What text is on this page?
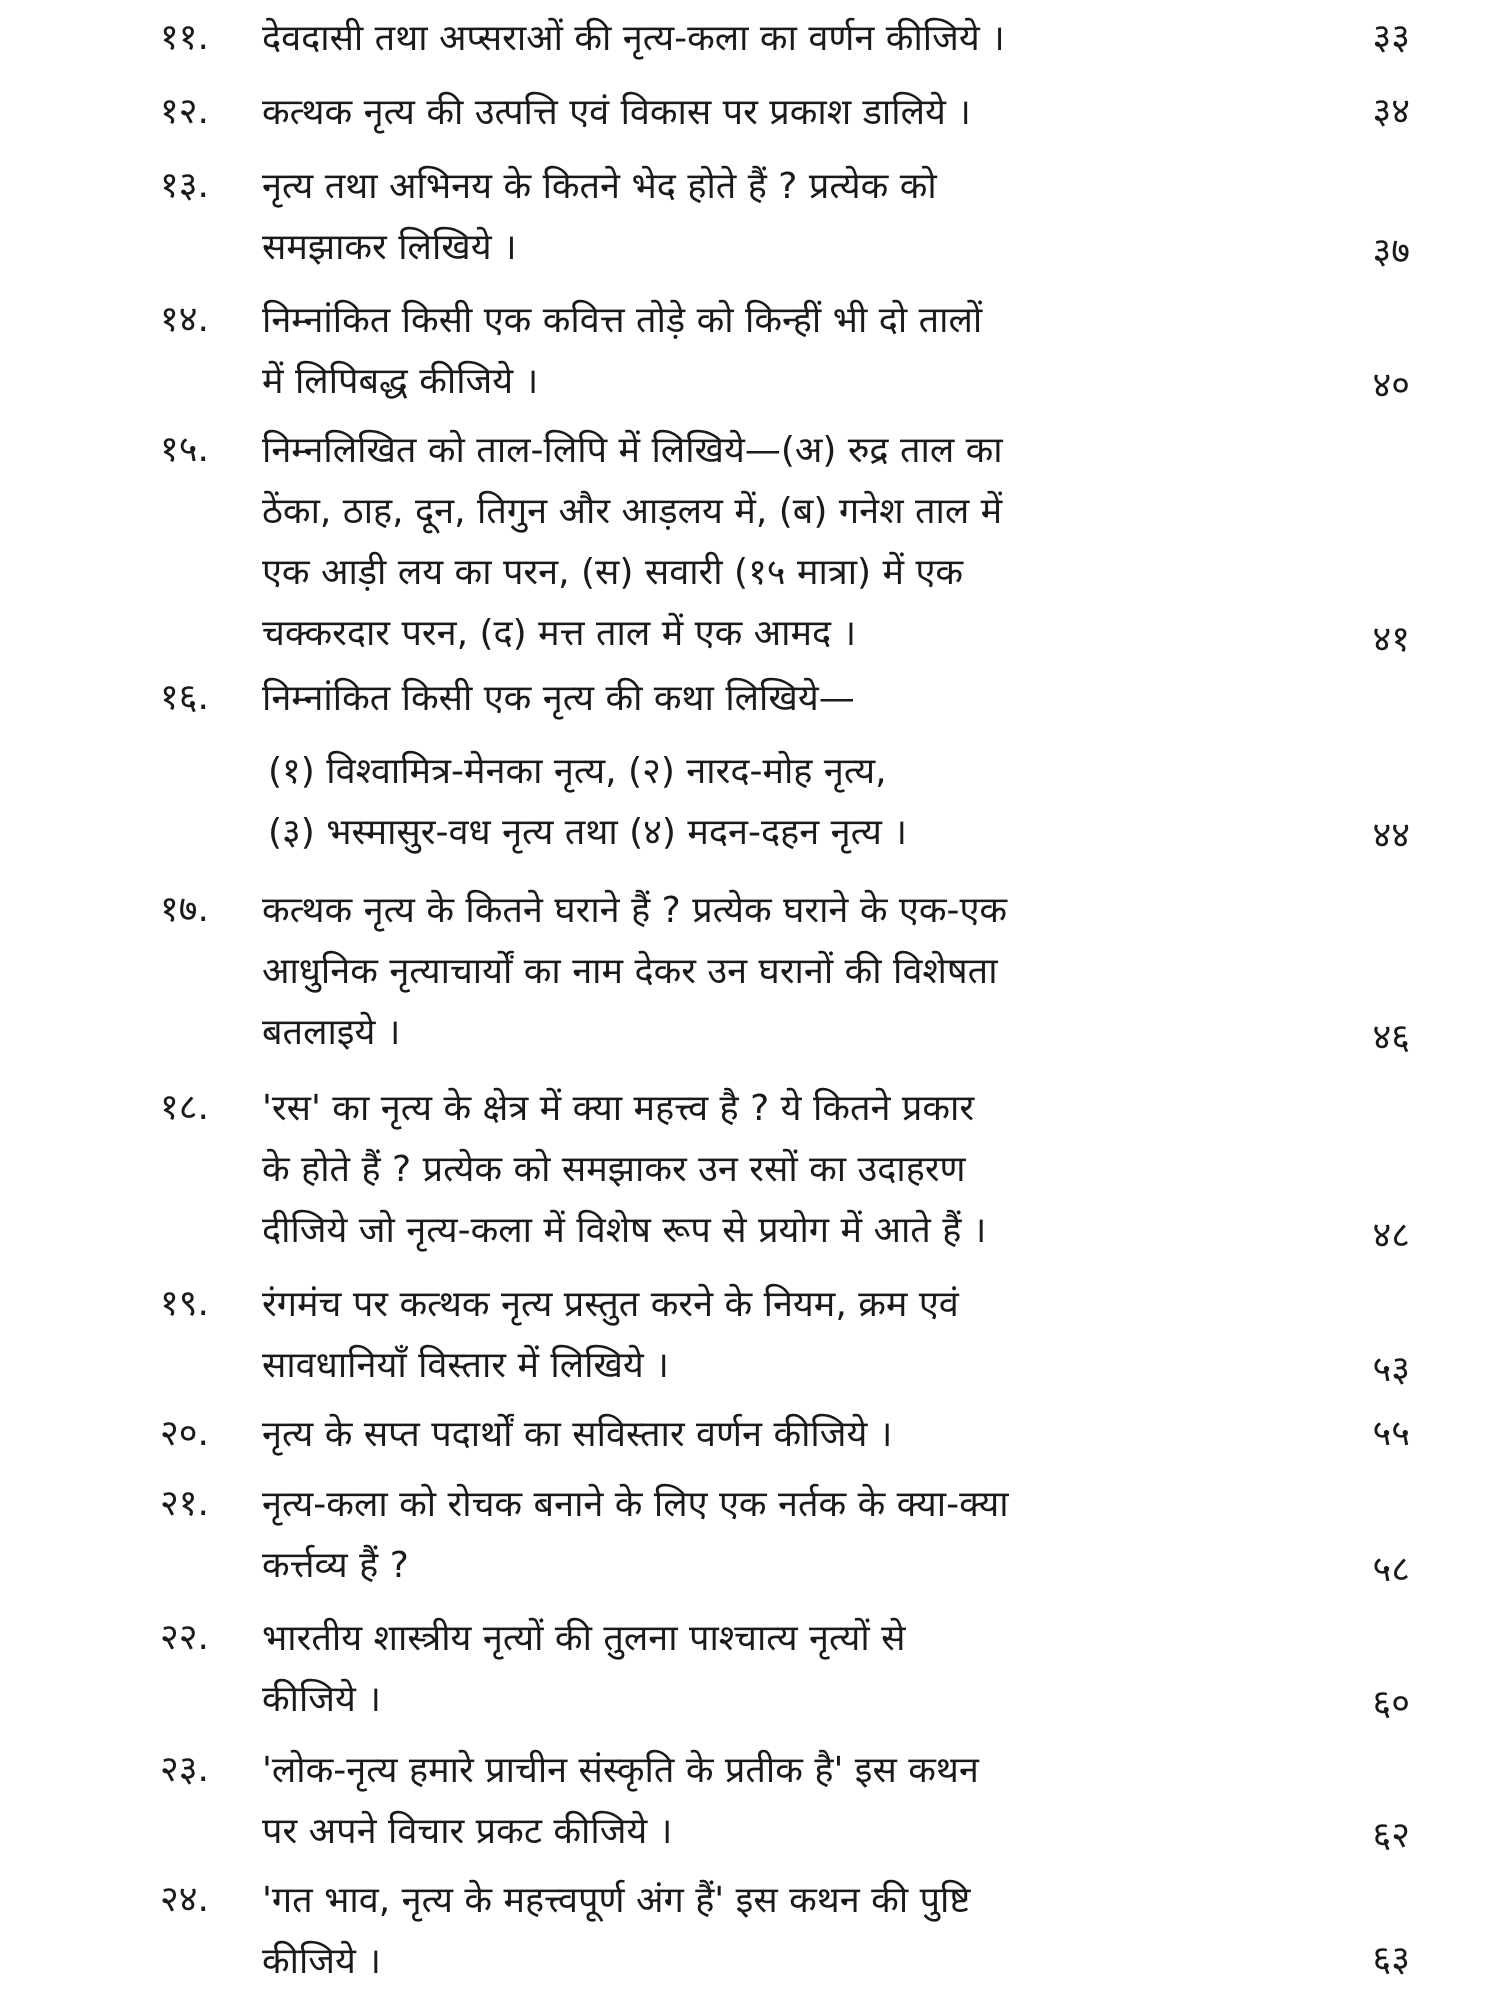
११.	देवदासी तथा अप्सराओं की नृत्य-कला का वर्णन कीजिये ।	३३
१२.	कत्थक नृत्य की उत्पत्ति एवं विकास पर प्रकाश डालिये ।	३४
१३.	नृत्य तथा अभिनय के कितने भेद होते हैं ? प्रत्येक को
समझाकर लिखिये ।	३७
१४.	निम्नांकित किसी एक कवित्त तोड़े को किन्हीं भी दो तालों
में लिपिबद्ध कीजिये ।	४०
१५.	निम्नलिखित को ताल-लिपि में लिखिये—(अ) रुद्र ताल का
ठेंका, ठाह, दून, तिगुन और आड़लय में, (ब) गनेश ताल में
एक आड़ी लय का परन, (स) सवारी (१५ मात्रा) में एक
चक्करदार परन, (द) मत्त ताल में एक आमद ।	४१
१६.	निम्नांकित किसी एक नृत्य की कथा लिखिये—
(१) विश्वामित्र-मेनका नृत्य, (२) नारद-मोह नृत्य,
(३) भस्मासुर-वध नृत्य तथा (४) मदन-दहन नृत्य ।	४४
१७.	कत्थक नृत्य के कितने घराने हैं ? प्रत्येक घराने के एक-एक
आधुनिक नृत्याचार्यों का नाम देकर उन घरानों की विशेषता
बतलाइये ।	४६
१८.	'रस' का नृत्य के क्षेत्र में क्या महत्त्व है ? ये कितने प्रकार
के होते हैं ? प्रत्येक को समझाकर उन रसों का उदाहरण
दीजिये जो नृत्य-कला में विशेष रूप से प्रयोग में आते हैं ।	४८
१९.	रंगमंच पर कत्थक नृत्य प्रस्तुत करने के नियम, क्रम एवं
सावधानियाँ विस्तार में लिखिये ।	५३
२०.	नृत्य के सप्त पदार्थों का सविस्तार वर्णन कीजिये ।	५५
२१.	नृत्य-कला को रोचक बनाने के लिए एक नर्तक के क्या-क्या
कर्त्तव्य हैं ?	५८
२२.	भारतीय शास्त्रीय नृत्यों की तुलना पाश्चात्य नृत्यों से
कीजिये ।	६०
२३.	'लोक-नृत्य हमारे प्राचीन संस्कृति के प्रतीक है' इस कथन
पर अपने विचार प्रकट कीजिये ।	६२
२४.	'गत भाव, नृत्य के महत्त्वपूर्ण अंग हैं' इस कथन की पुष्टि
कीजिये ।	६३
